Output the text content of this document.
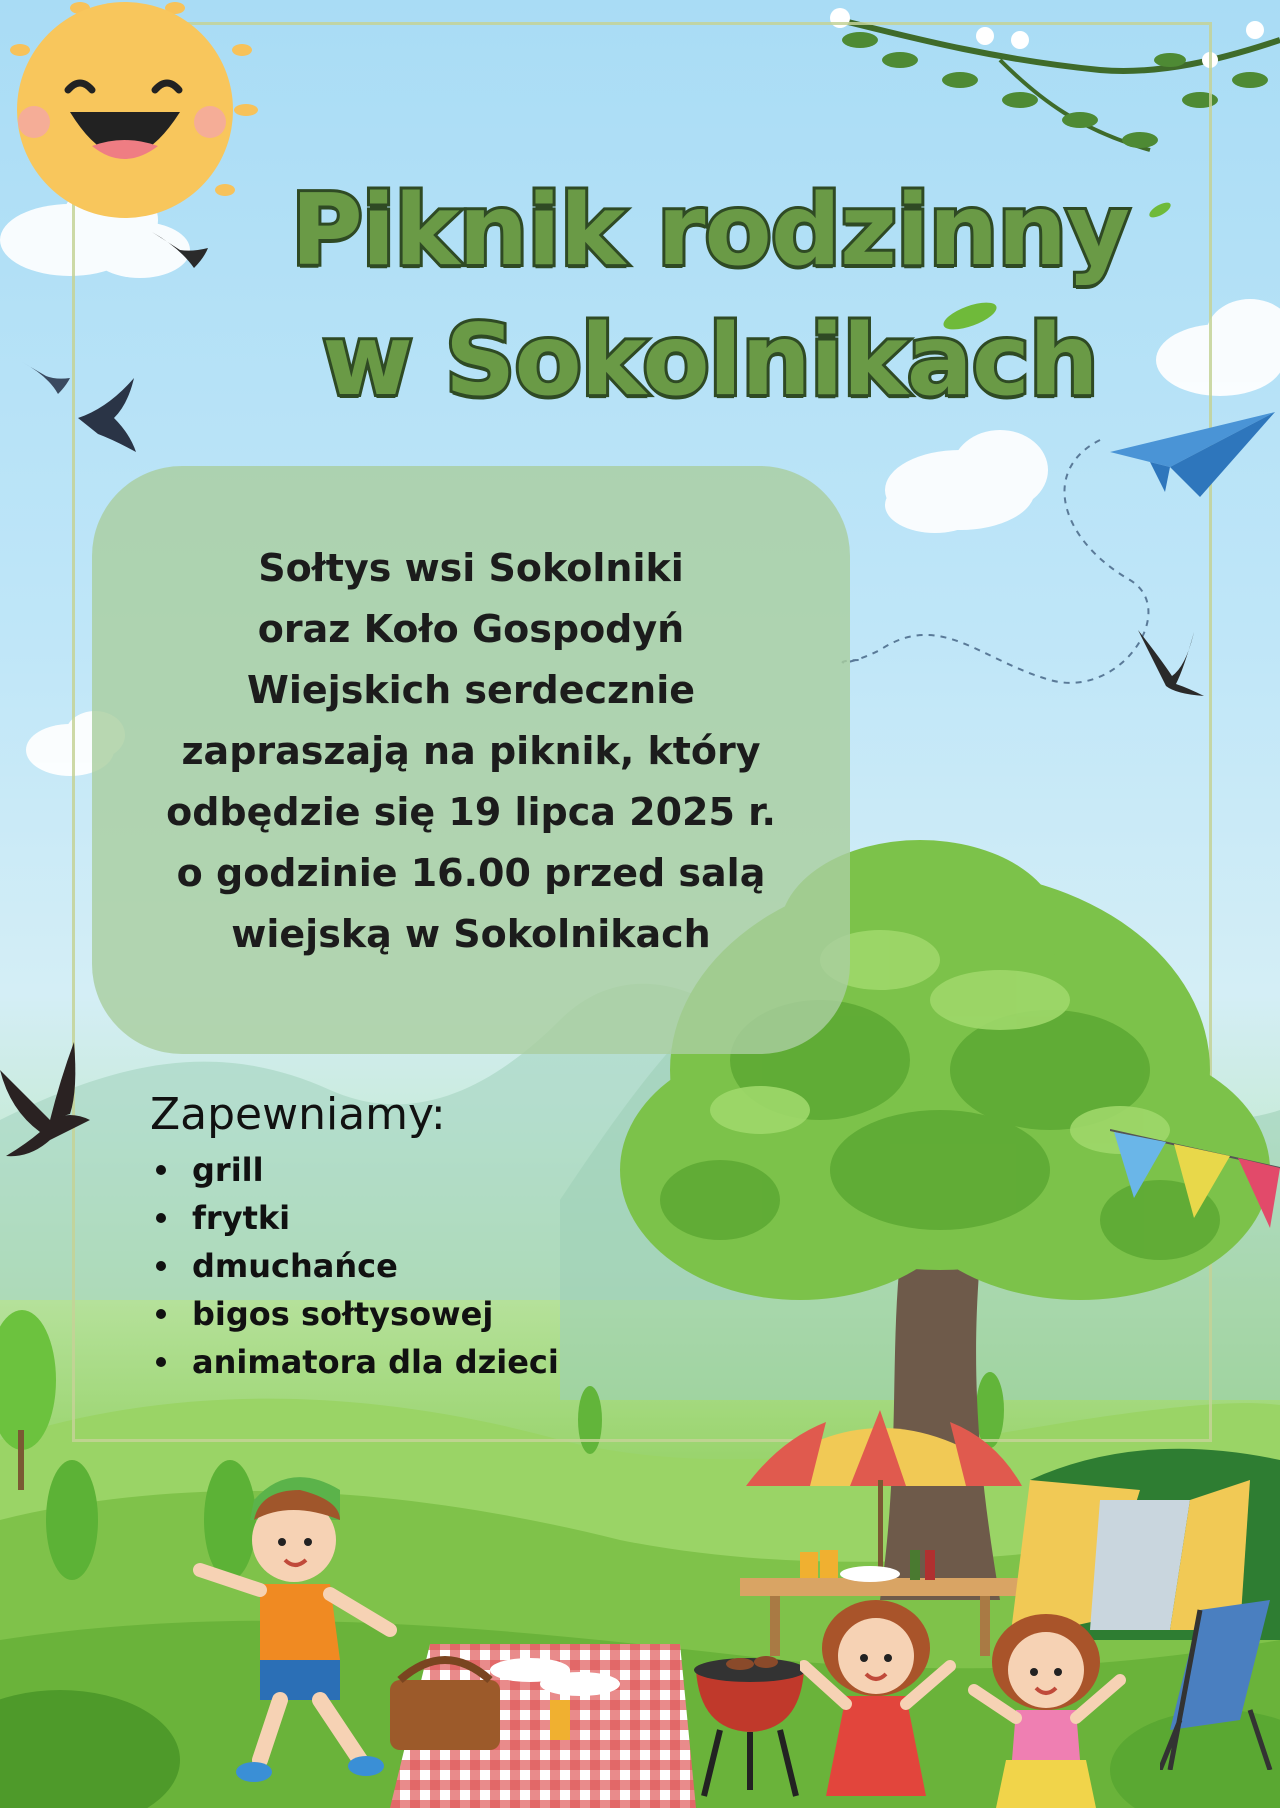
Piknik rodzinny
w Sokolnikach
Sołtys wsi Sokolniki
oraz Koło Gospodyń
Wiejskich serdecznie
zapraszają na piknik, który
odbędzie się 19 lipca 2025 r.
o godzinie 16.00 przed salą
wiejską w Sokolnikach
Zapewniamy:
grill
frytki
dmuchańce
bigos sołtysowej
animatora dla dzieci
